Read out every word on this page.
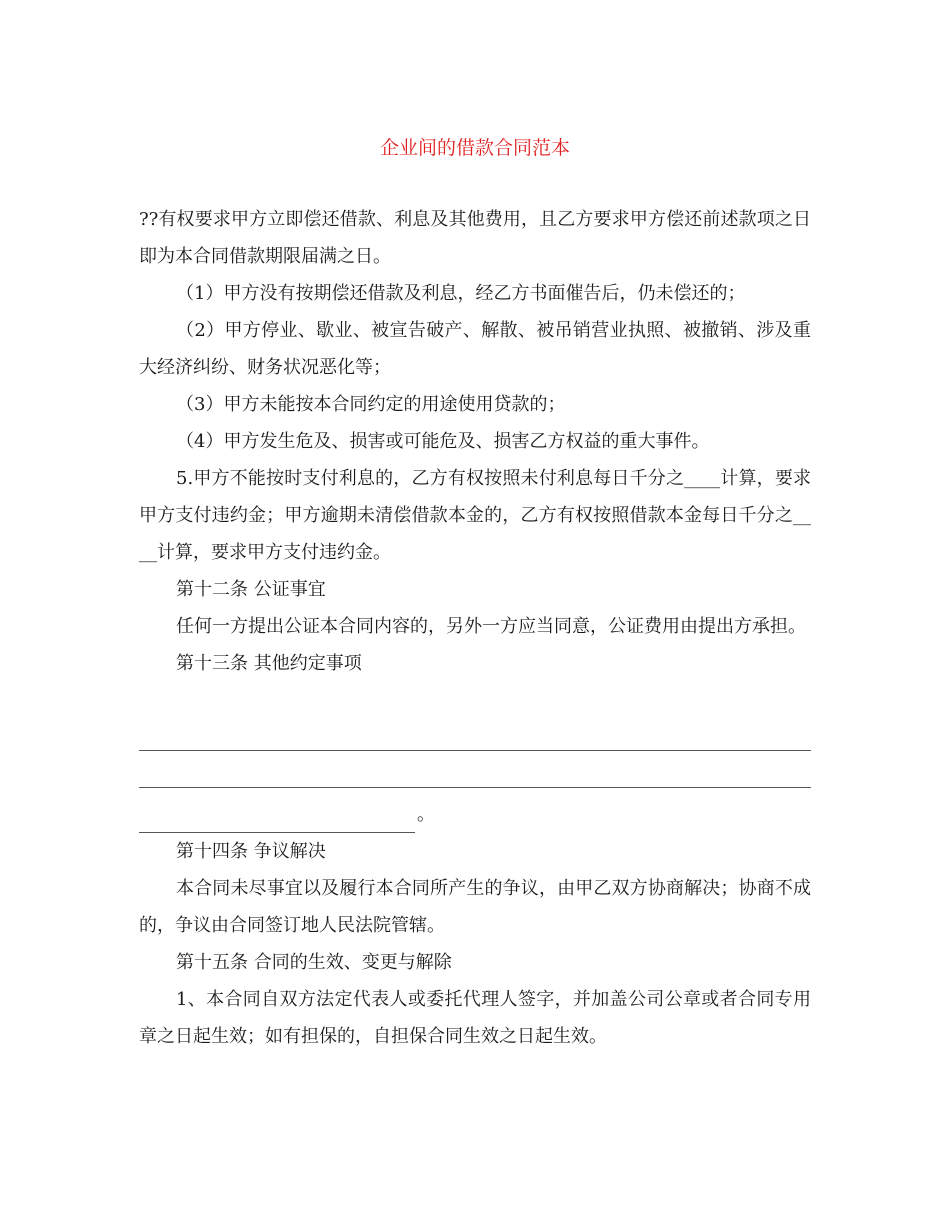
企业间的借款合同范本

??有权要求甲方立即偿还借款、利息及其他费用，且乙方要求甲方偿还前述款项之日即为本合同借款期限届满之日。

（1）甲方没有按期偿还借款及利息，经乙方书面催告后，仍未偿还的；

（2）甲方停业、歇业、被宣告破产、解散、被吊销营业执照、被撤销、涉及重大经济纠纷、财务状况恶化等；

（3）甲方未能按本合同约定的用途使用贷款的；

（4）甲方发生危及、损害或可能危及、损害乙方权益的重大事件。

5.甲方不能按时支付利息的，乙方有权按照未付利息每日千分之____计算，要求甲方支付违约金；甲方逾期未清偿借款本金的，乙方有权按照借款本金每日千分之____计算，要求甲方支付违约金。

第十二条 公证事宜

任何一方提出公证本合同内容的，另外一方应当同意，公证费用由提出方承担。

第十三条 其他约定事项

。

第十四条 争议解决

本合同未尽事宜以及履行本合同所产生的争议，由甲乙双方协商解决；协商不成的，争议由合同签订地人民法院管辖。

第十五条 合同的生效、变更与解除

1、本合同自双方法定代表人或委托代理人签字，并加盖公司公章或者合同专用章之日起生效；如有担保的，自担保合同生效之日起生效。
